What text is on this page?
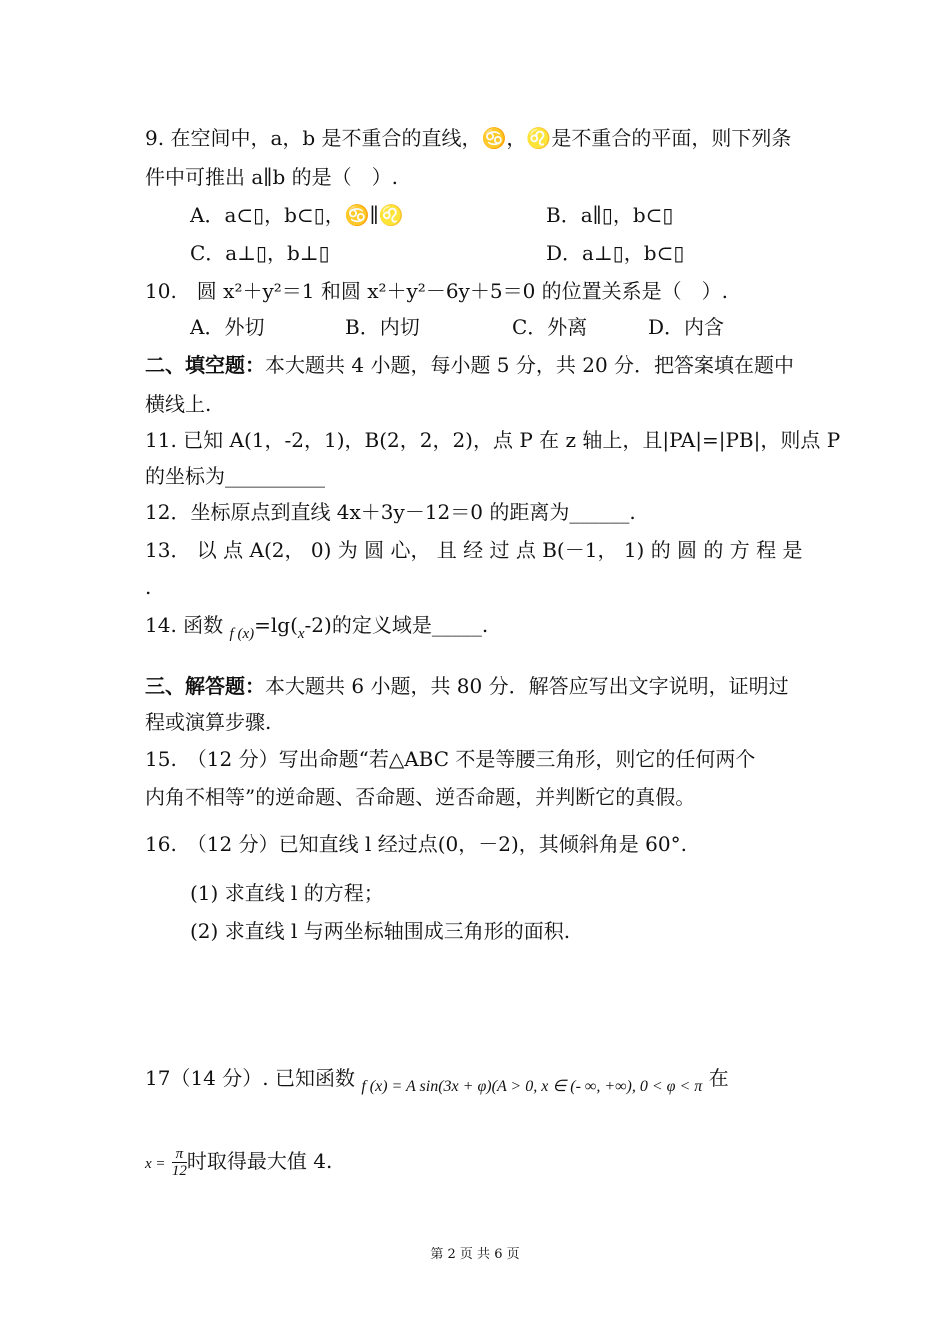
9. 在空间中，a，b 是不重合的直线，♋，♌是不重合的平面，则下列条
件中可推出 a∥b 的是（　）.
A．a⊂▯，b⊂▯，♋∥♌	B．a∥▯，b⊂▯
C．a⊥▯，b⊥▯	D．a⊥▯，b⊂▯
10.　圆 x²＋y²＝1 和圆 x²＋y²－6y＋5＝0 的位置关系是（　）.
A．外切	B．内切	C．外离	D．内含
二、填空题：本大题共 4 小题，每小题 5 分，共 20 分．把答案填在题中
横线上.
11. 已知 A(1，-2，1)，B(2，2，2)，点 P 在 z 轴上，且|PA|=|PB|，则点 P
的坐标为__________
12．坐标原点到直线 4x＋3y－12＝0 的距离为______.
13． 以 点 A(2， 0) 为 圆 心， 且 经 过 点 B(－1， 1) 的 圆 的 方 程 是
.
14. 函数 $_{f (x)}=\lg(_x-2)$的定义域是_____.
三、解答题：本大题共 6 小题，共 80 分．解答应写出文字说明，证明过
程或演算步骤.
15.　（12 分）写出命题“若△ABC 不是等腰三角形，则它的任何两个
内角不相等”的逆命题、否命题、逆否命题，并判断它的真假。
16.　（12 分）已知直线 l 经过点(0，－2)，其倾斜角是 60°.
(1) 求直线 l 的方程；
(2) 求直线 l 与两坐标轴围成三角形的面积.
17（14 分）. 已知函数 $_{f (x) = A sin(3x + \varphi)(A > 0, x \in (- \infty, +\infty), 0 < \varphi < \pi}$ 在
$x = \frac{\pi}{12}$ 时取得最大值 4.
第 2 页 共 6 页
